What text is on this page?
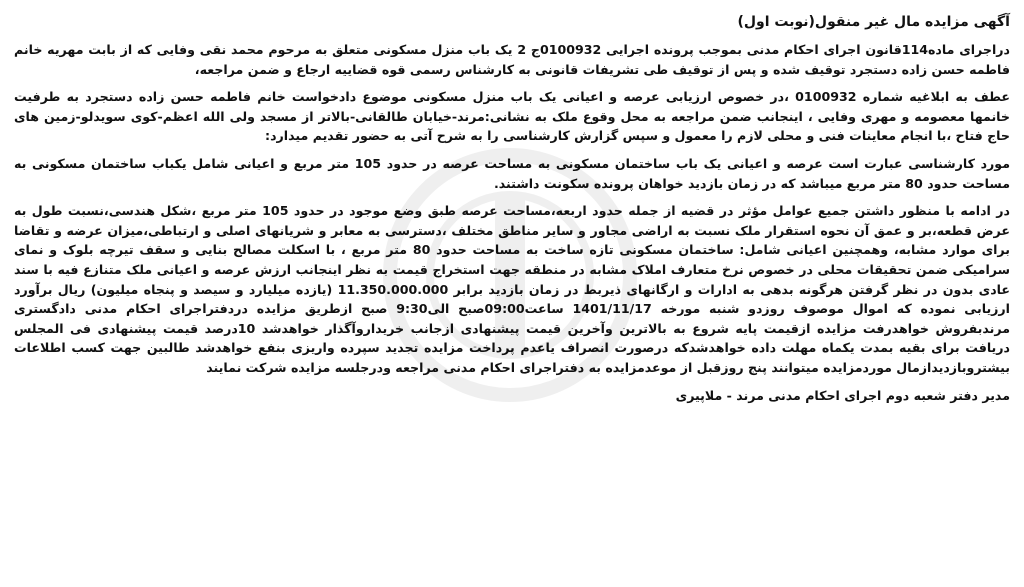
آگهی مزایده مال غیر منقول(نوبت اول)

دراجرای ماده114قانون اجرای احکام مدنی بموجب پرونده اجرایی 0100932ج 2 یک باب منزل مسکونی متعلق به مرحوم محمد نقی وفایی که از بابت مهریه خانم فاطمه حسن زاده دستجرد توقیف شده و پس از توقیف طی تشریفات قانونی به کارشناس رسمی قوه قضاییه ارجاع و ضمن مراجعه،

عطف به ابلاغیه شماره 0100932 ،در خصوص ارزیابی عرصه و اعیانی یک باب منزل مسکونی موضوع دادخواست خانم فاطمه حسن زاده دستجرد به طرفیت خانمها معصومه و مهری وفایی ، اینجانب ضمن مراجعه به محل وقوع ملک به نشانی:مرند-خیابان طالقانی-بالاتر از مسجد ولی الله اعظم-کوی سویدلو-زمین های حاج فتاح ،با انجام معاینات فنی و محلی لازم را معمول و سپس گزارش کارشناسی را به شرح آتی به حضور تقدیم میدارد:

مورد کارشناسی عبارت است عرصه و اعیانی یک باب ساختمان مسکونی به مساحت عرصه در حدود 105 متر مربع و اعیانی شامل یکباب ساختمان مسکونی به مساحت حدود 80 متر مربع میباشد که در زمان بازدید خواهان پرونده سکونت داشتند.

در ادامه با منظور داشتن جمیع عوامل مؤثر در قضیه از جمله حدود اربعه،مساحت عرصه طبق وضع موجود در حدود 105 متر مربع ،شکل هندسی،نسبت طول به عرض قطعه،بر و عمق آن نحوه استقرار ملک نسبت به اراضی مجاور و سایر مناطق مختلف ،دسترسی به معابر و شریانهای اصلی و ارتباطی،میزان عرضه و تقاضا برای موارد مشابه، وهمچنین اعیانی شامل: ساختمان مسکونی تازه ساخت به مساحت حدود 80 متر مربع ، با اسکلت مصالح بنایی و سقف تیرچه بلوک و نمای سرامیکی ضمن تحقیقات محلی در خصوص نرخ متعارف املاک مشابه در منطقه جهت استخراج قیمت به نظر اینجانب ارزش عرصه و اعیانی ملک متنازع فیه با سند عادی بدون در نظر گرفتن هرگونه بدهی به ادارات و ارگانهای ذیربط در زمان بازدید برابر 11.350.000.000 (یازده میلیارد و سیصد و پنجاه میلیون) ریال برآورد ارزیابی نموده که اموال موصوف روزدو شنبه مورخه 1401/11/17 ساعت09:00صبح الی9:30 صبح ازطریق مزایده دردفتراجرای احکام مدنی دادگستری مرندبفروش خواهدرفت مزایده ازقیمت پایه شروع به بالاترین وآخرین قیمت پیشنهادی ازجانب خریداروآگذار خواهدشد 10درصد قیمت پیشنهادی فی المجلس دریافت برای بقیه بمدت یکماه مهلت داده خواهدشدکه درصورت انصراف یاعدم پرداخت مزایده تجدید سپرده واریزی بنفع خواهدشد طالبین جهت کسب اطلاعات بیشتروبازدیدازمال موردمزایده میتوانند پنج روزقبل از موعدمزایده به دفتراجرای احکام مدنی مراجعه ودرجلسه مزایده شرکت نمایند

مدیر دفتر شعبه دوم اجرای احکام مدنی مرند - ملاپیری
